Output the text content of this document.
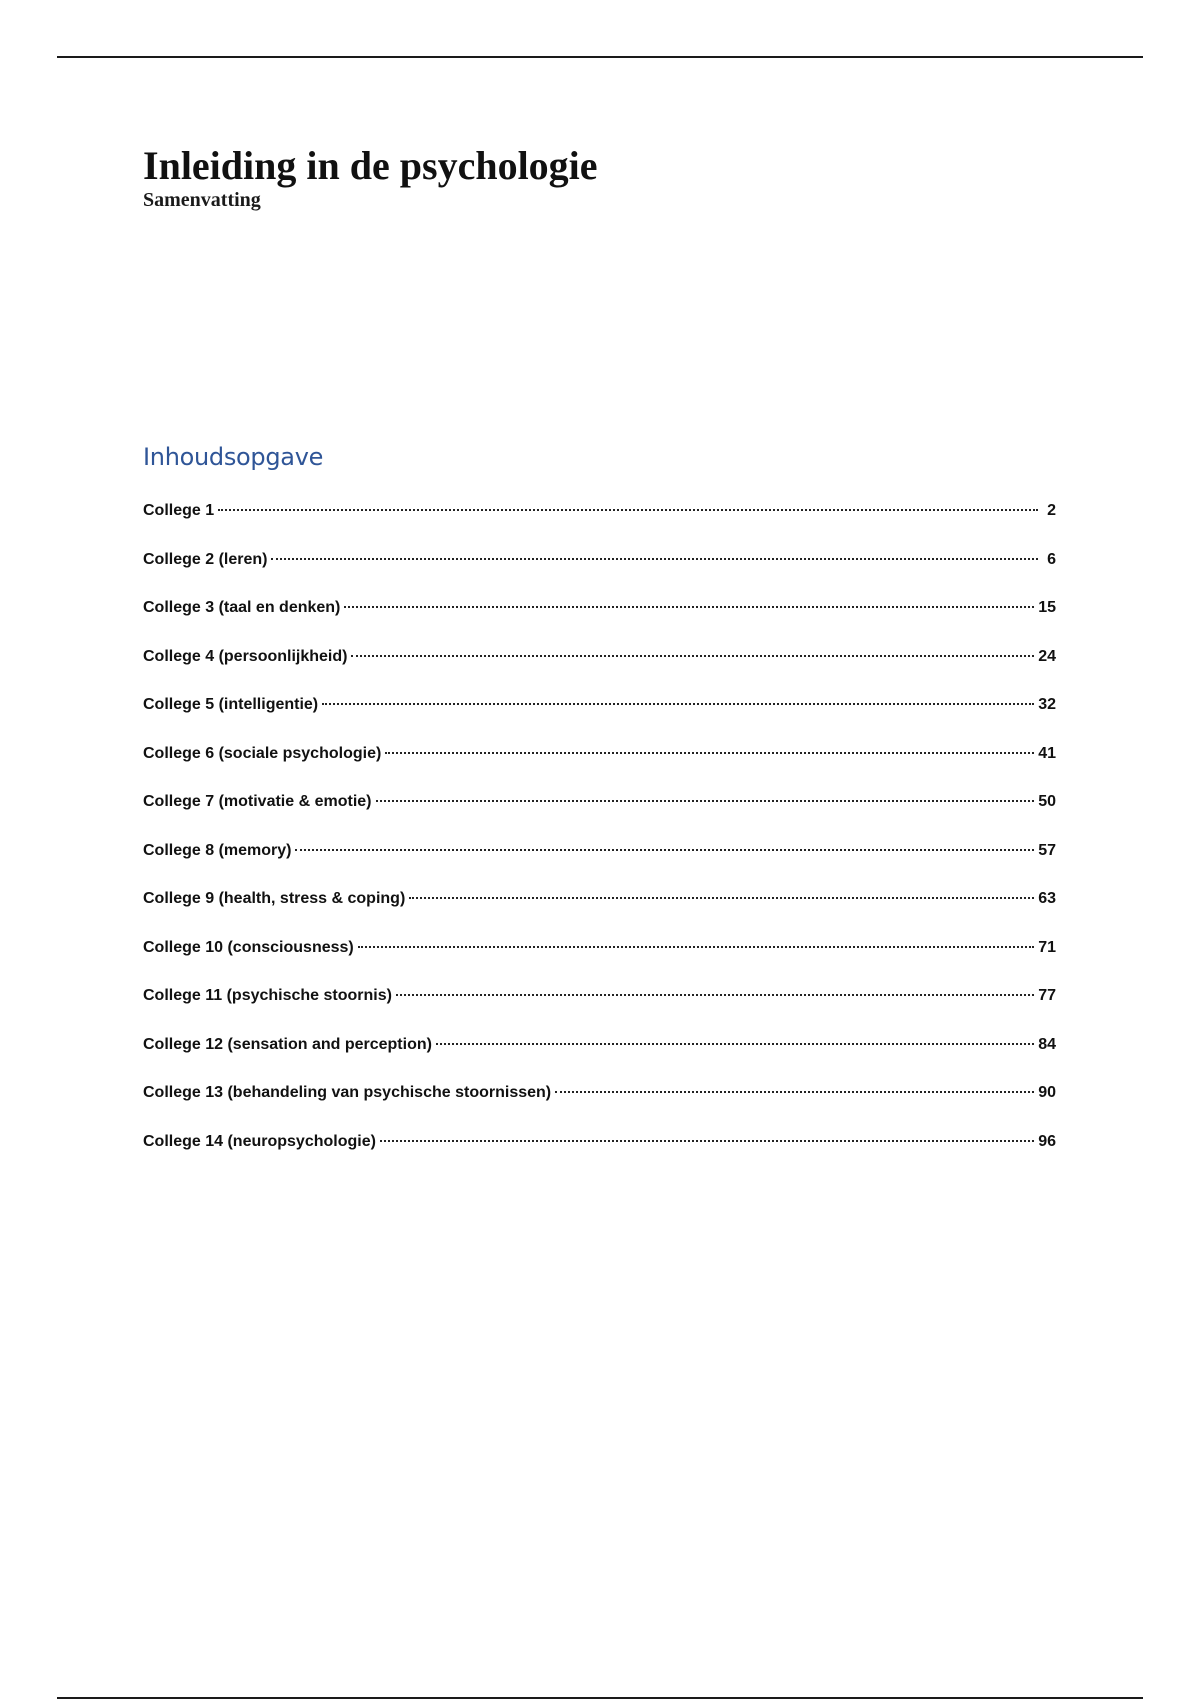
Inleiding in de psychologie
Samenvatting
Inhoudsopgave
College 1	2
College 2 (leren)	6
College 3 (taal en denken)	15
College 4 (persoonlijkheid)	24
College 5 (intelligentie)	32
College 6 (sociale psychologie)	41
College 7 (motivatie & emotie)	50
College 8 (memory)	57
College 9 (health, stress & coping)	63
College 10 (consciousness)	71
College 11 (psychische stoornis)	77
College 12 (sensation and perception)	84
College 13 (behandeling van psychische stoornissen)	90
College 14 (neuropsychologie)	96
